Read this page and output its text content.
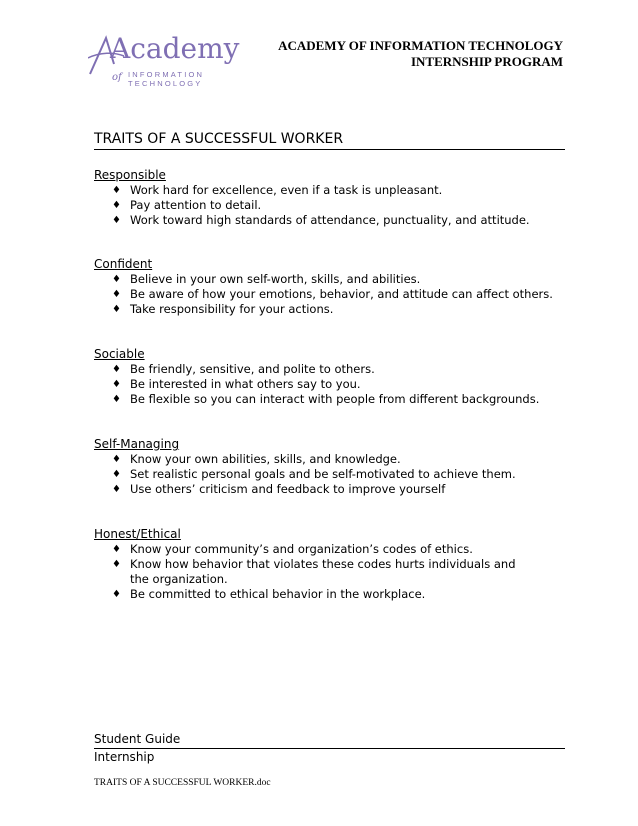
Academy
of INFORMATION
TECHNOLOGY
ACADEMY OF INFORMATION TECHNOLOGY
INTERNSHIP PROGRAM
TRAITS OF A SUCCESSFUL WORKER
Responsible
♦ Work hard for excellence, even if a task is unpleasant.
♦ Pay attention to detail.
♦ Work toward high standards of attendance, punctuality, and attitude.
Confident
♦ Believe in your own self-worth, skills, and abilities.
♦ Be aware of how your emotions, behavior, and attitude can affect others.
♦ Take responsibility for your actions.
Sociable
♦ Be friendly, sensitive, and polite to others.
♦ Be interested in what others say to you.
♦ Be flexible so you can interact with people from different backgrounds.
Self-Managing
♦ Know your own abilities, skills, and knowledge.
♦ Set realistic personal goals and be self-motivated to achieve them.
♦ Use others’ criticism and feedback to improve yourself
Honest/Ethical
♦ Know your community’s and organization’s codes of ethics.
♦ Know how behavior that violates these codes hurts individuals and the organization.
♦ Be committed to ethical behavior in the workplace.
Student Guide
Internship
TRAITS OF A SUCCESSFUL WORKER.doc
